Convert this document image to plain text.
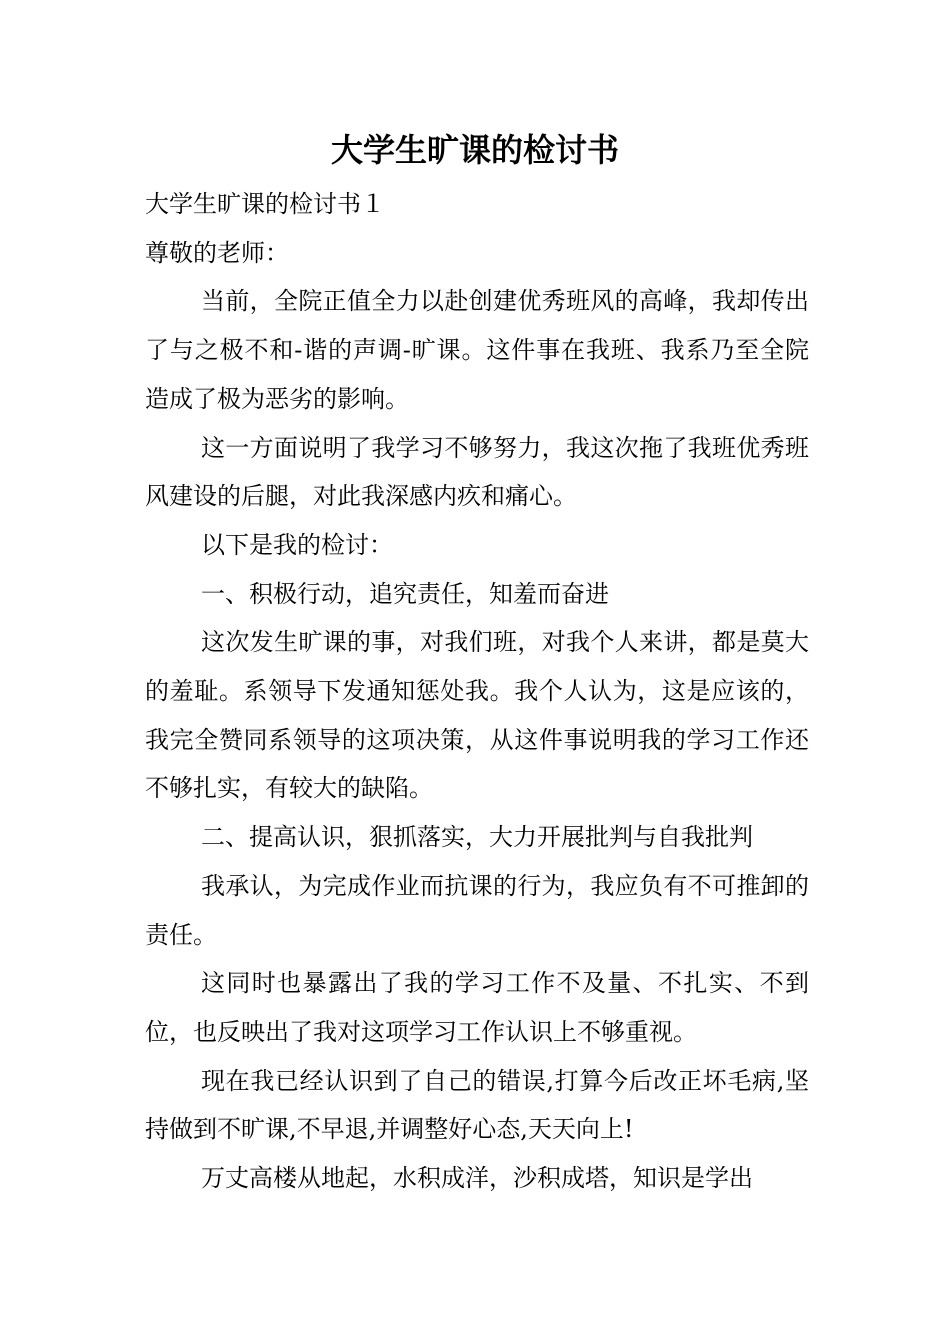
大学生旷课的检讨书

大学生旷课的检讨书１

尊敬的老师：

当前，全院正值全力以赴创建优秀班风的高峰，我却传出了与之极不和-谐的声调-旷课。这件事在我班、我系乃至全院造成了极为恶劣的影响。

这一方面说明了我学习不够努力，我这次拖了我班优秀班风建设的后腿，对此我深感内疚和痛心。

以下是我的检讨：

一、积极行动，追究责任，知羞而奋进

这次发生旷课的事，对我们班，对我个人来讲，都是莫大的羞耻。系领导下发通知惩处我。我个人认为，这是应该的，我完全赞同系领导的这项决策，从这件事说明我的学习工作还不够扎实，有较大的缺陷。

二、提高认识，狠抓落实，大力开展批判与自我批判

我承认，为完成作业而抗课的行为，我应负有不可推卸的责任。

这同时也暴露出了我的学习工作不及量、不扎实、不到位，也反映出了我对这项学习工作认识上不够重视。

现在我已经认识到了自己的错误,打算今后改正坏毛病,坚持做到不旷课,不早退,并调整好心态,天天向上!

万丈高楼从地起，水积成洋，沙积成塔，知识是学出
